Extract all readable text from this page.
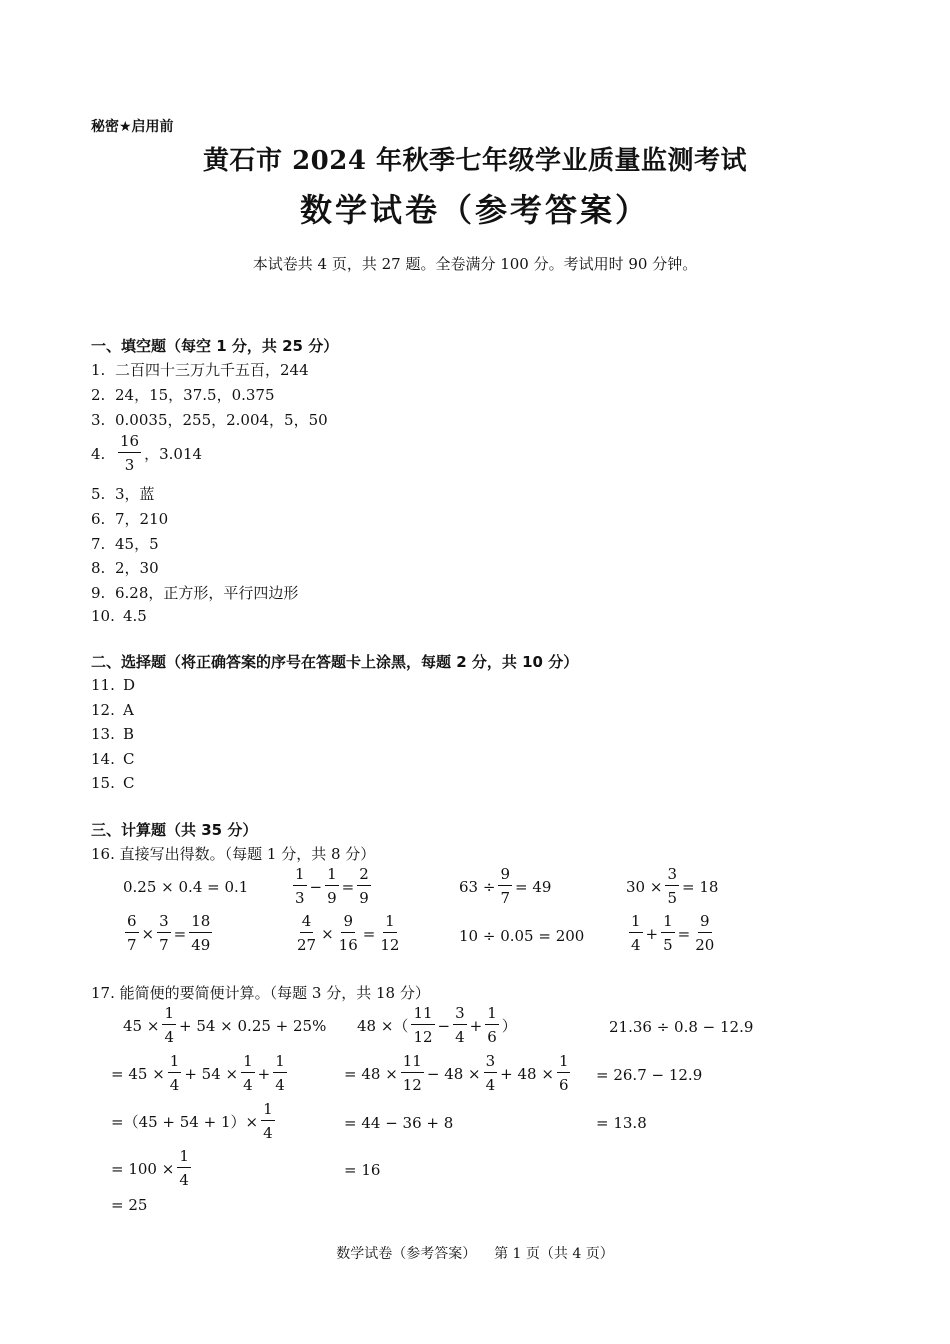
秘密★启用前
黄石市 2024 年秋季七年级学业质量监测考试
数学试卷（参考答案）
本试卷共 4 页，共 27 题。全卷满分 100 分。考试用时 90 分钟。
一、填空题（每空 1 分，共 25 分）
1. 二百四十三万九千五百，244
2. 24，15，37.5，0.375
3. 0.0035，255，2.004，5，50
4. $\frac{16}{3}$ ，3.014
5. 3，蓝
6. 7，210
7. 45，5
8. 2，30
9. 6.28，正方形，平行四边形
10. 4.5
二、选择题（将正确答案的序号在答题卡上涂黑，每题 2 分，共 10 分）
11. D
12. A
13. B
14. C
15. C
三、计算题（共 35 分）
16. 直接写出得数。（每题 1 分，共 8 分）
0.25 × 0.4 = 0.1	$\frac{1}{3} - \frac{1}{9} = \frac{2}{9}$	$63 \div \frac{9}{7} = 49$	$30 \times \frac{3}{5} = 18$
$\frac{6}{7} \times \frac{3}{7} = \frac{18}{49}$	$\frac{4}{27} \times \frac{9}{16} = \frac{1}{12}$	10 ÷ 0.05 = 200	$\frac{1}{4} + \frac{1}{5} = \frac{9}{20}$
17. 能简便的要简便计算。（每题 3 分，共 18 分）
$45 \times \frac{1}{4} + 54 \times 0.25 + 25\%$
= $45 \times \frac{1}{4} + 54 \times \frac{1}{4} + \frac{1}{4}$
$=(45 + 54 + 1)\times \frac{1}{4}$
= $100 \times \frac{1}{4}$
= 25
48 ×（ $\frac{11}{12} - \frac{3}{4} + \frac{1}{6}$ ）
= $48 \times \frac{11}{12} - 48 \times \frac{3}{4} + 48 \times \frac{1}{6}$
= 44 − 36 + 8
= 16
21.36 ÷ 0.8 − 12.9
= 26.7 − 12.9
= 13.8
数学试卷（参考答案）    第 1 页（共 4 页）
